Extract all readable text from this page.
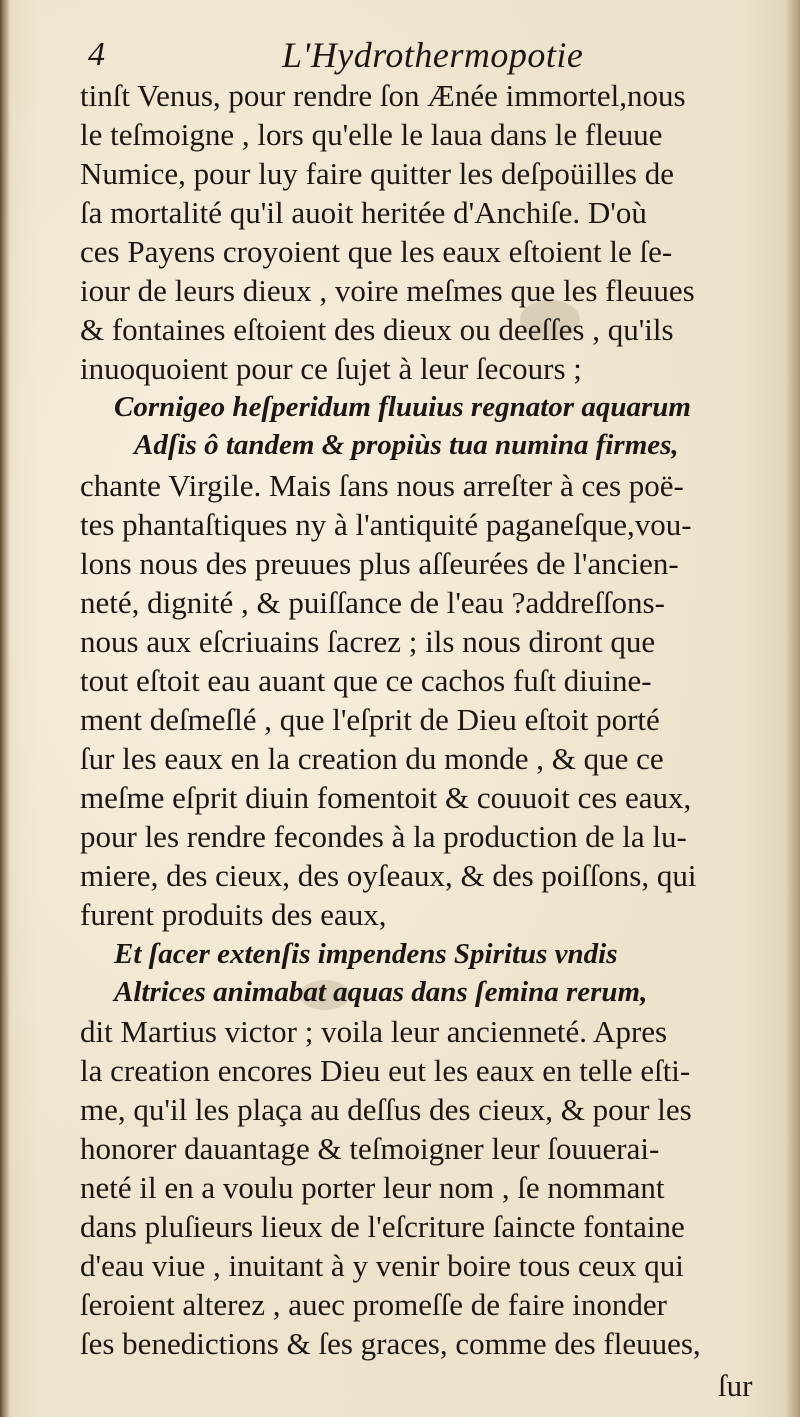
4	L'Hydrothermopotie
tinſt Venus, pour rendre ſon Ænée immortel,nous
le teſmoigne , lors qu'elle le laua dans le fleuue
Numice, pour luy faire quitter les deſpoüilles de
ſa mortalité qu'il auoit heritée d'Anchiſe. D'où
ces Payens croyoient que les eaux eſtoient le ſe-
iour de leurs dieux , voire meſmes que les fleuues
& fontaines eſtoient des dieux ou deeſſes , qu'ils
inuoquoient pour ce ſujet à leur ſecours ;
Cornigeo heſperidum fluuius regnator aquarum
Adſis ô tandem & propiùs tua numina firmes,
chante Virgile. Mais ſans nous arreſter à ces poë-
tes phantaſtiques ny à l'antiquité paganeſque,vou-
lons nous des preuues plus aſſeurées de l'ancien-
neté, dignité , & puiſſance de l'eau ?addreſſons-
nous aux eſcriuains ſacrez ; ils nous diront que
tout eſtoit eau auant que ce cachos fuſt diuine-
ment deſmeſlé , que l'eſprit de Dieu eſtoit porté
ſur les eaux en la creation du monde , & que ce
meſme eſprit diuin fomentoit & couuoit ces eaux,
pour les rendre fecondes à la production de la lu-
miere, des cieux, des oyſeaux, & des poiſſons, qui
furent produits des eaux,
Et ſacer extenſis impendens Spiritus vndis
Altrices animabat aquas dans ſemina rerum,
dit Martius victor ; voila leur ancienneté. Apres
la creation encores Dieu eut les eaux en telle eſti-
me, qu'il les plaça au deſſus des cieux, & pour les
honorer dauantage & teſmoigner leur ſouuerai-
neté il en a voulu porter leur nom , ſe nommant
dans pluſieurs lieux de l'eſcriture ſaincte fontaine
d'eau viue , inuitant à y venir boire tous ceux qui
ſeroient alterez , auec promeſſe de faire inonder
ſes benedictions & ſes graces, comme des fleuues,
ſur
